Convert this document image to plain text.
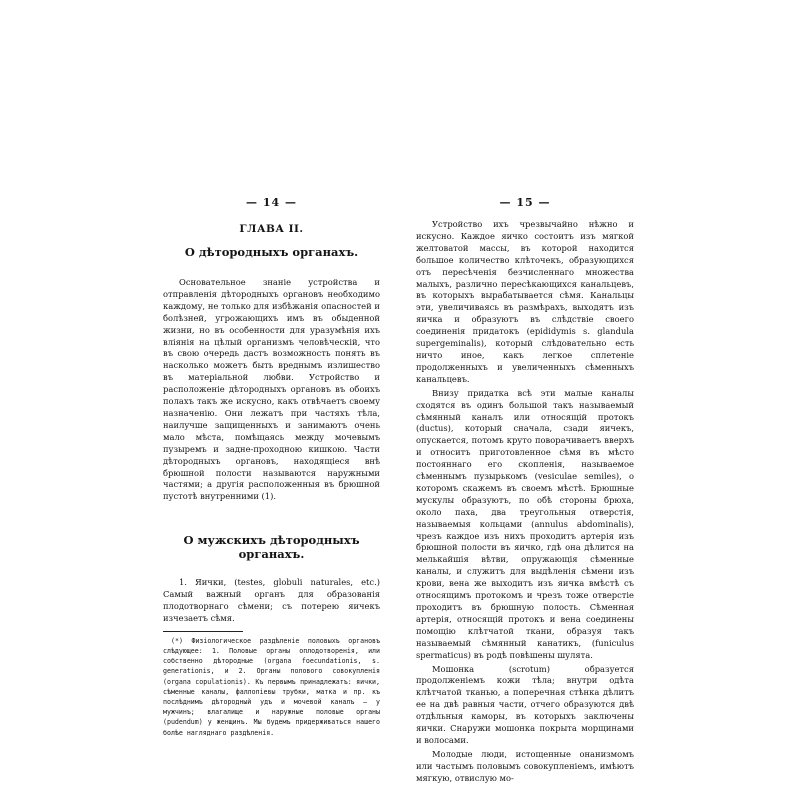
— 14 —
ГЛАВА II.
О дѣтородныхъ органахъ.

Основательное знаніе устройства и отправленія дѣтородныхъ органовъ необходимо каждому, не только для избѣжанія опасностей и болѣзней, угрожающихъ имъ въ обыденной жизни, но въ особенности для уразумѣнія ихъ вліянія на цѣлый организмъ человѣческій, что въ свою очередь дастъ возможность понять въ насколько можетъ быть вреднымъ излишество въ матеріальной любви. Устройство и расположеніе дѣтородныхъ органовъ въ обоихъ полахъ такъ же искусно, какъ отвѣчаетъ своему назначенію. Они лежатъ при частяхъ тѣла, наилучше защищенныхъ и занимаютъ очень мало мѣста, помѣщаясь между мочевымъ пузыремъ и задне-проходною кишкою. Части дѣтородныхъ органовъ, находящіеся внѣ брюшной полости называются наружными частями; а другія расположенныя въ брюшной пустотѣ внутренними (1).

О мужскихъ дѣтородныхъ органахъ.

1. Яички, (testes, globuli naturales, etc.) Самый важный органъ для образованія плодотворнаго сѣмени; съ потерею яичекъ изчезаетъ сѣмя.

(*) Физіологическое раздѣленіе половыхъ органовъ слѣдующее: 1. Половые органы оплодотворенія, или собственно дѣтородные (organa foecundationis, s. generationis, и 2. Органы полового совокупленія (organa copulationis). Къ первымъ принадлежатъ: яички, сѣменные каналы, фаллопіевы трубки, матка и пр. къ послѣднимъ дѣтородный удъ и мочевой каналъ — у мужчинъ; влагалище и наружные половые органы (pudendum) у женщинъ. Мы будемъ придерживаться нашего болѣе нагляднаго раздѣленія.

— 15 —

Устройство ихъ чрезвычайно нѣжно и искусно. Каждое яичко состоитъ изъ мягкой желтоватой массы, въ которой находится большое количество клѣточекъ, образующихся отъ пересѣченія безчисленнаго множества малыхъ, различно пересѣкающихся канальцевъ, въ которыхъ вырабатывается сѣмя. Канальцы эти, увеличиваясь въ размѣрахъ, выходятъ изъ яичка и образуютъ въ слѣдствіе своего соединенія придатокъ (epididymis s. glandula supergeminalis), который слѣдовательно есть ничто иное, какъ легкое сплетеніе продолженныхъ и увеличенныхъ сѣменныхъ канальцевъ.

Внизу придатка всѣ эти малые каналы сходятся въ одинъ большой такъ называемый сѣмянный каналъ или относящій протокъ (ductus), который сначала, сзади яичекъ, опускается, потомъ круто поворачиваетъ вверхъ и относитъ приготовленное сѣмя въ мѣсто постояннаго его скопленія, называемое сѣменнымъ пузырькомъ (vesiculae semiles), о которомъ скажемъ въ своемъ мѣстѣ. Брюшные мускулы образуютъ, по обѣ стороны брюха, около паха, два треугольныя отверстія, называемыя кольцами (annulus abdominalis), чрезъ каждое изъ нихъ проходитъ артерія изъ брюшной полости въ яичко, гдѣ она дѣлится на мелькайшія вѣтви, опружающія сѣменные каналы, и служитъ для выдѣленія сѣмени изъ крови, вена же выходитъ изъ яичка вмѣстѣ съ относящимъ протокомъ и чрезъ тоже отверстіе проходитъ въ брюшную полость. Сѣменная артерія, относящій протокъ и вена соединены помощію клѣтчатой ткани, образуя такъ называемый сѣмянный канатикъ, (funiculus spermaticus) въ родѣ повѣшены шулята.

Мошонка (scrotum) образуется продолженіемъ кожи тѣла; внутри одѣта клѣтчатой тканью, а поперечная стѣнка дѣлитъ ее на двѣ равныя части, отчего образуются двѣ отдѣльныя каморы, въ которыхъ заключены яички. Снаружи мошонка покрыта морщинами и волосами.

Молодые люди, истощенные онанизмомъ или частымъ половымъ совокупленіемъ, имѣютъ мягкую, отвислую мо-
